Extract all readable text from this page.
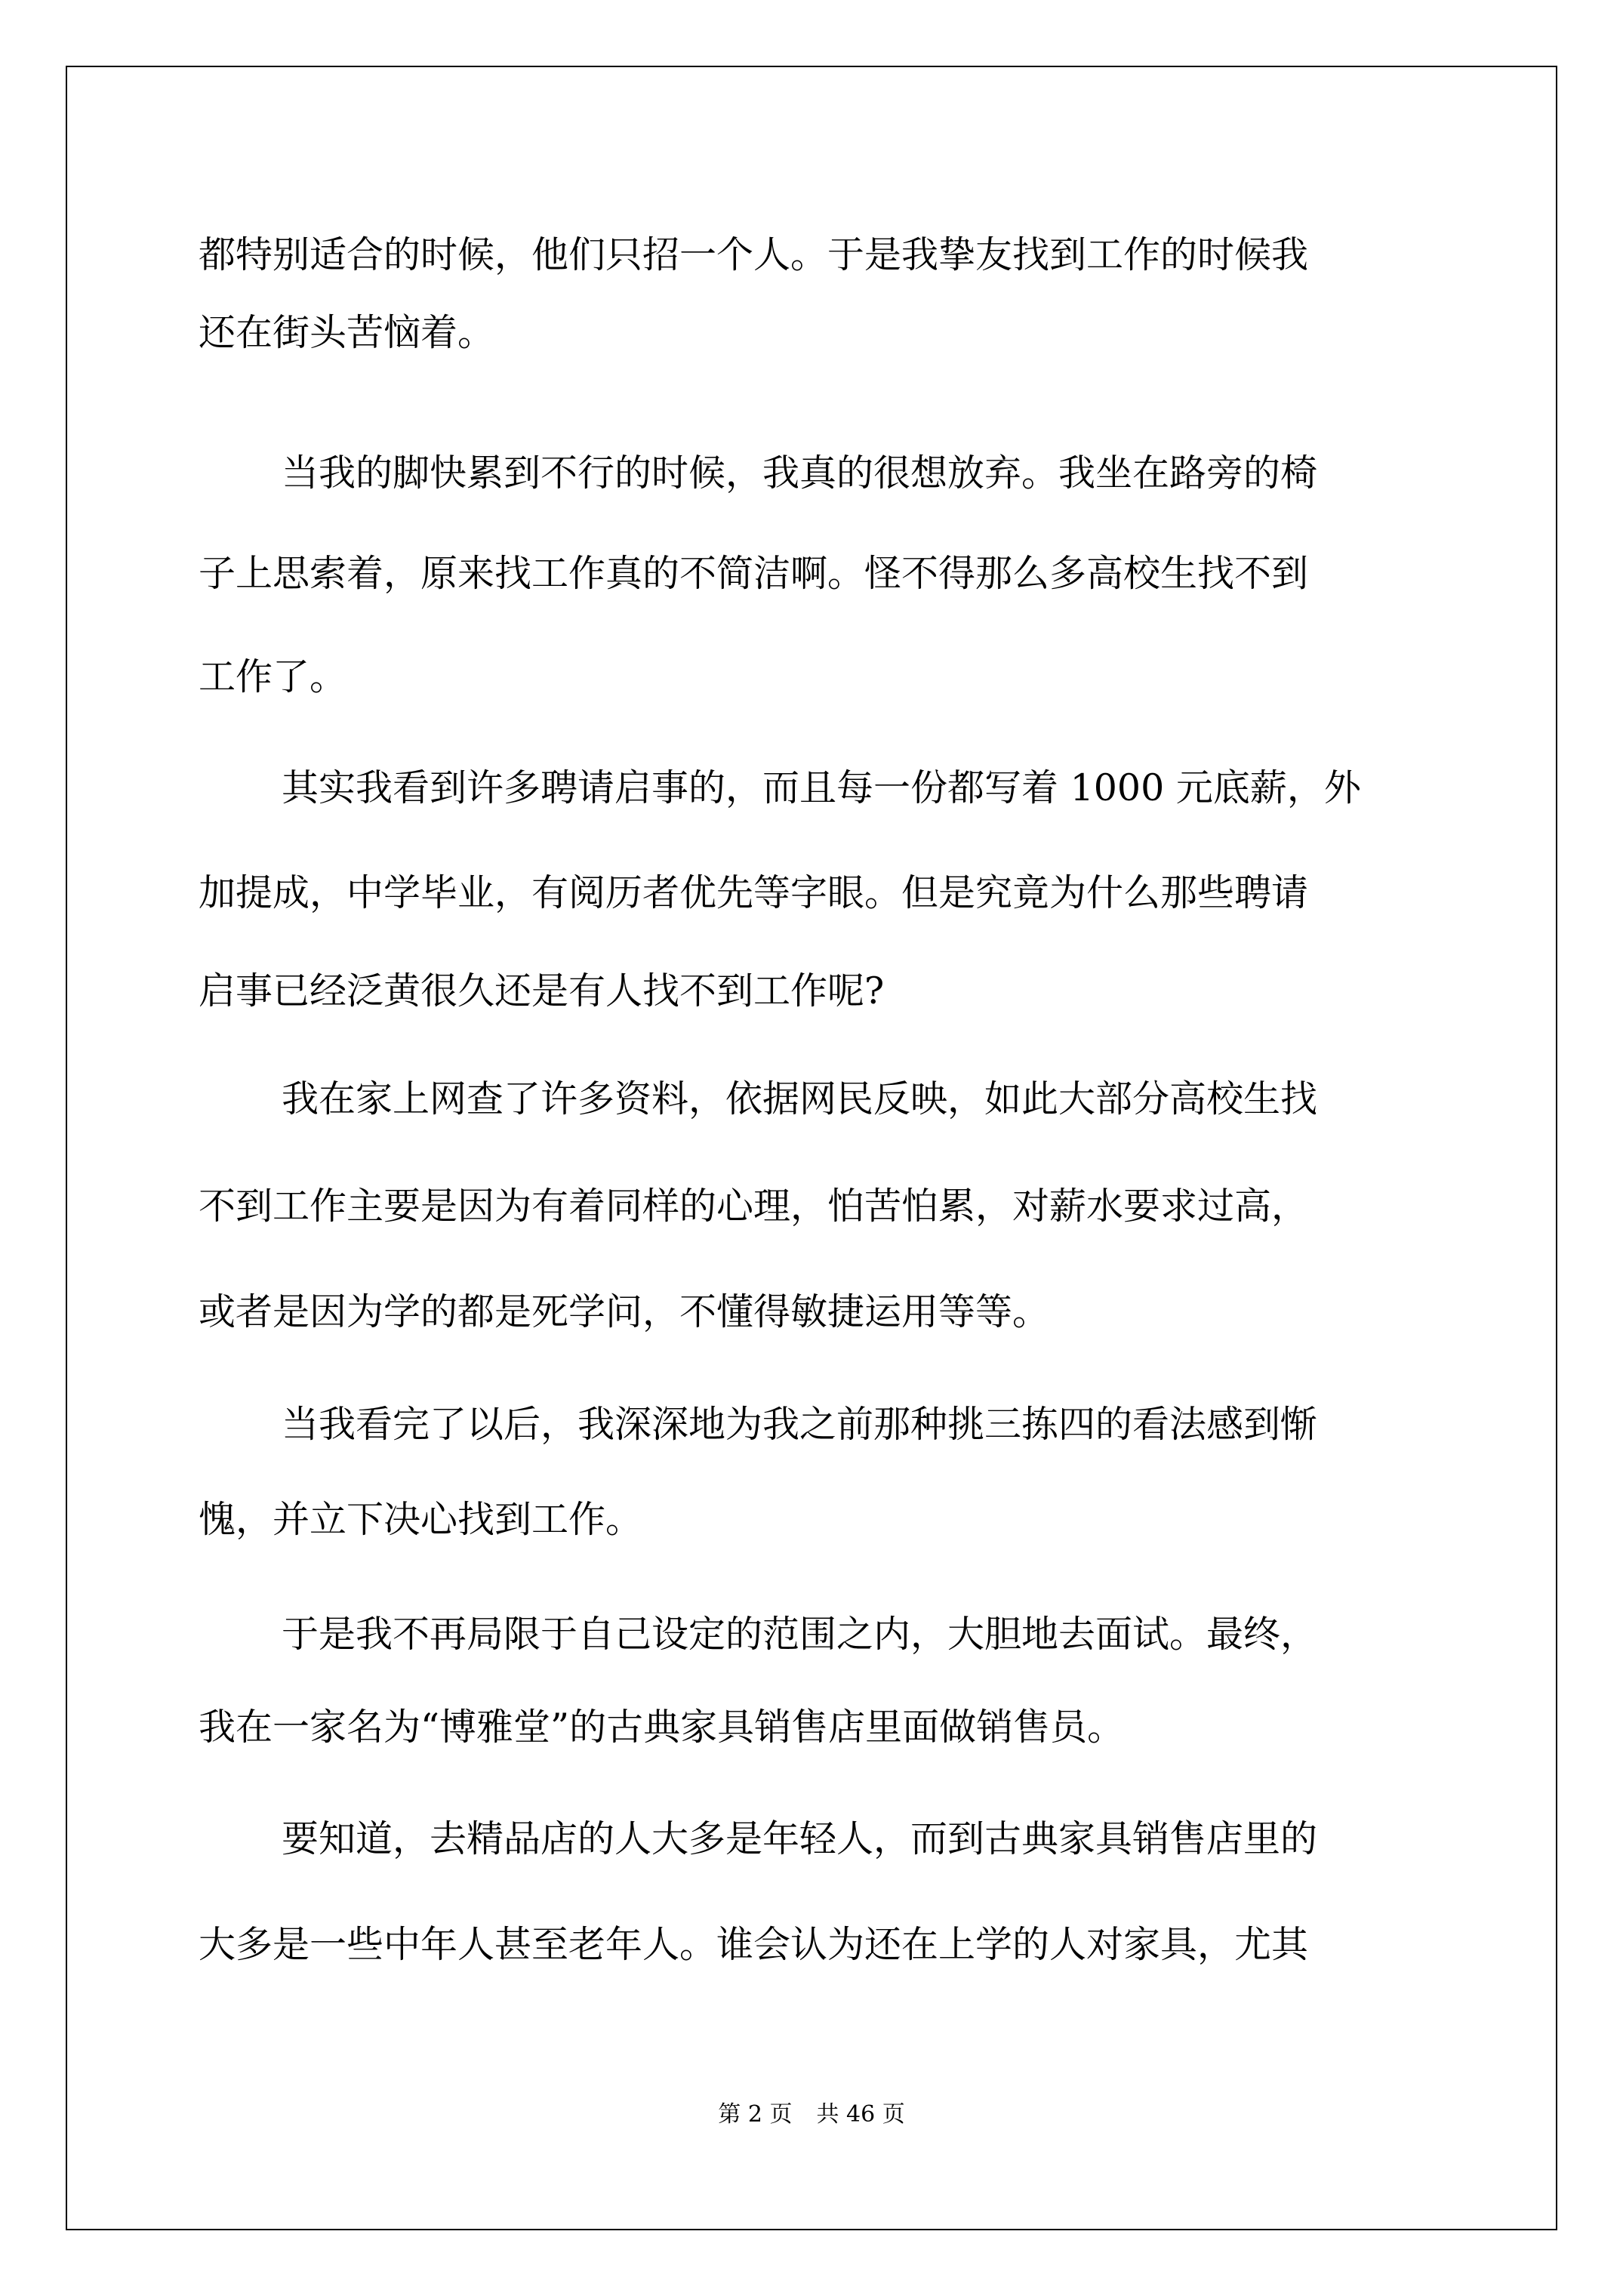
都特别适合的时候，他们只招一个人。于是我挚友找到工作的时候我
还在街头苦恼着。
当我的脚快累到不行的时候，我真的很想放弃。我坐在路旁的椅
子上思索着，原来找工作真的不简洁啊。怪不得那么多高校生找不到
工作了。
其实我看到许多聘请启事的，而且每一份都写着 1000 元底薪，外
加提成，中学毕业，有阅历者优先等字眼。但是究竟为什么那些聘请
启事已经泛黄很久还是有人找不到工作呢?
我在家上网查了许多资料，依据网民反映，如此大部分高校生找
不到工作主要是因为有着同样的心理，怕苦怕累，对薪水要求过高，
或者是因为学的都是死学问，不懂得敏捷运用等等。
当我看完了以后，我深深地为我之前那种挑三拣四的看法感到惭
愧，并立下决心找到工作。
于是我不再局限于自己设定的范围之内，大胆地去面试。最终，
我在一家名为“博雅堂”的古典家具销售店里面做销售员。
要知道，去精品店的人大多是年轻人，而到古典家具销售店里的
大多是一些中年人甚至老年人。谁会认为还在上学的人对家具，尤其
第 2 页 共 46 页
